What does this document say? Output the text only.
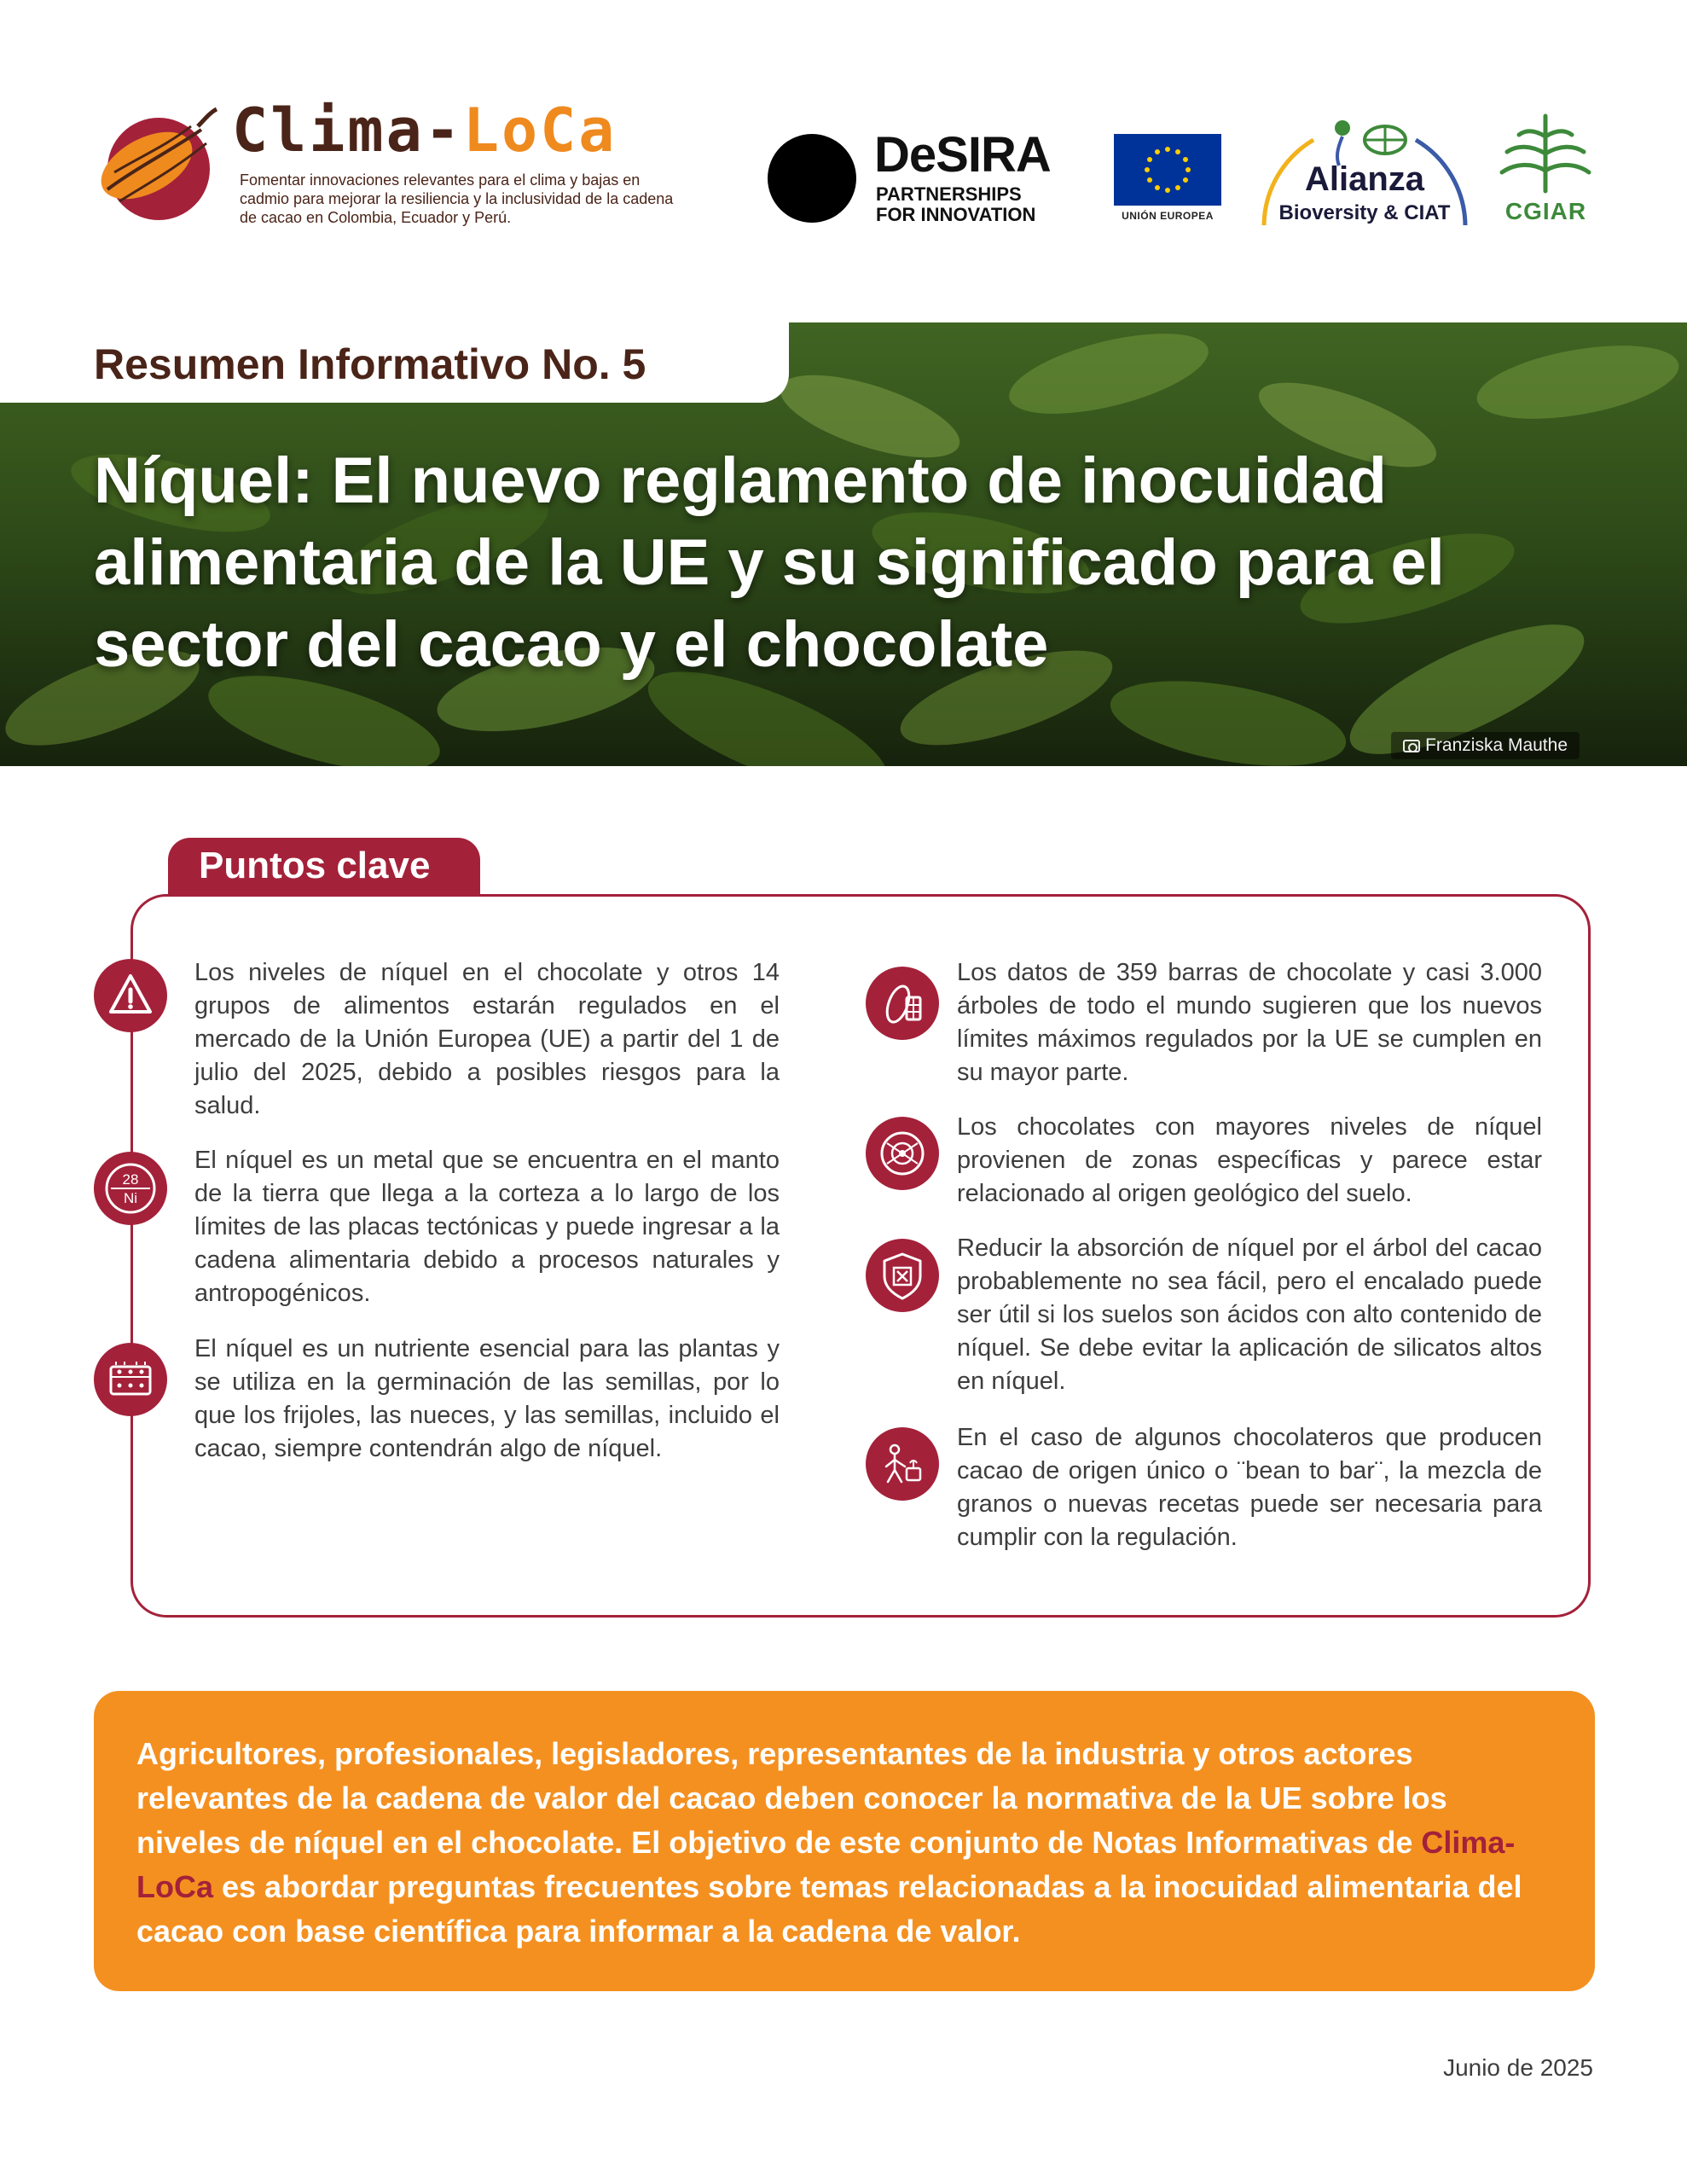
Clima-LoCa
Fomentar innovaciones relevantes para el clima y bajas en cadmio para mejorar la resiliencia y la inclusividad de la cadena de cacao en Colombia, Ecuador y Perú.
DeSIRA
PARTNERSHIPS
FOR INNOVATION	UNIÓN EUROPEA
Alianza
Bioversity & CIAT	CGIAR
Resumen Informativo No. 5
Níquel: El nuevo reglamento de inocuidad alimentaria de la UE y su significado para el sector del cacao y el chocolate
Franziska Mauthe
Puntos clave
Los niveles de níquel en el chocolate y otros 14 grupos de alimentos estarán regulados en el mercado de la Unión Europea (UE) a partir del 1 de julio del 2025, debido a posibles riesgos para la salud.
28
Ni
El níquel es un metal que se encuentra en el manto de la tierra que llega a la corteza a lo largo de los límites de las placas tectónicas y puede ingresar a la cadena alimentaria debido a procesos naturales y antropogénicos.
El níquel es un nutriente esencial para las plantas y se utiliza en la germinación de las semillas, por lo que los frijoles, las nueces, y las semillas, incluido el cacao, siempre contendrán algo de níquel.
Los datos de 359 barras de chocolate y casi 3.000 árboles de todo el mundo sugieren que los nuevos límites máximos regulados por la UE se cumplen en su mayor parte.
Los chocolates con mayores niveles de níquel provienen de zonas específicas y parece estar relacionado al origen geológico del suelo.
Reducir la absorción de níquel por el árbol del cacao probablemente no sea fácil, pero el encalado puede ser útil si los suelos son ácidos con alto contenido de níquel. Se debe evitar la aplicación de silicatos altos en níquel.
En el caso de algunos chocolateros que producen cacao de origen único o ¨bean to bar¨, la mezcla de granos o nuevas recetas puede ser necesaria para cumplir con la regulación.
Agricultores, profesionales, legisladores, representantes de la industria y otros actores relevantes de la cadena de valor del cacao deben conocer la normativa de la UE sobre los niveles de níquel en el chocolate. El objetivo de este conjunto de Notas Informativas de Clima-LoCa es abordar preguntas frecuentes sobre temas relacionadas a la inocuidad alimentaria del cacao con base científica para informar a la cadena de valor.
Junio de 2025
